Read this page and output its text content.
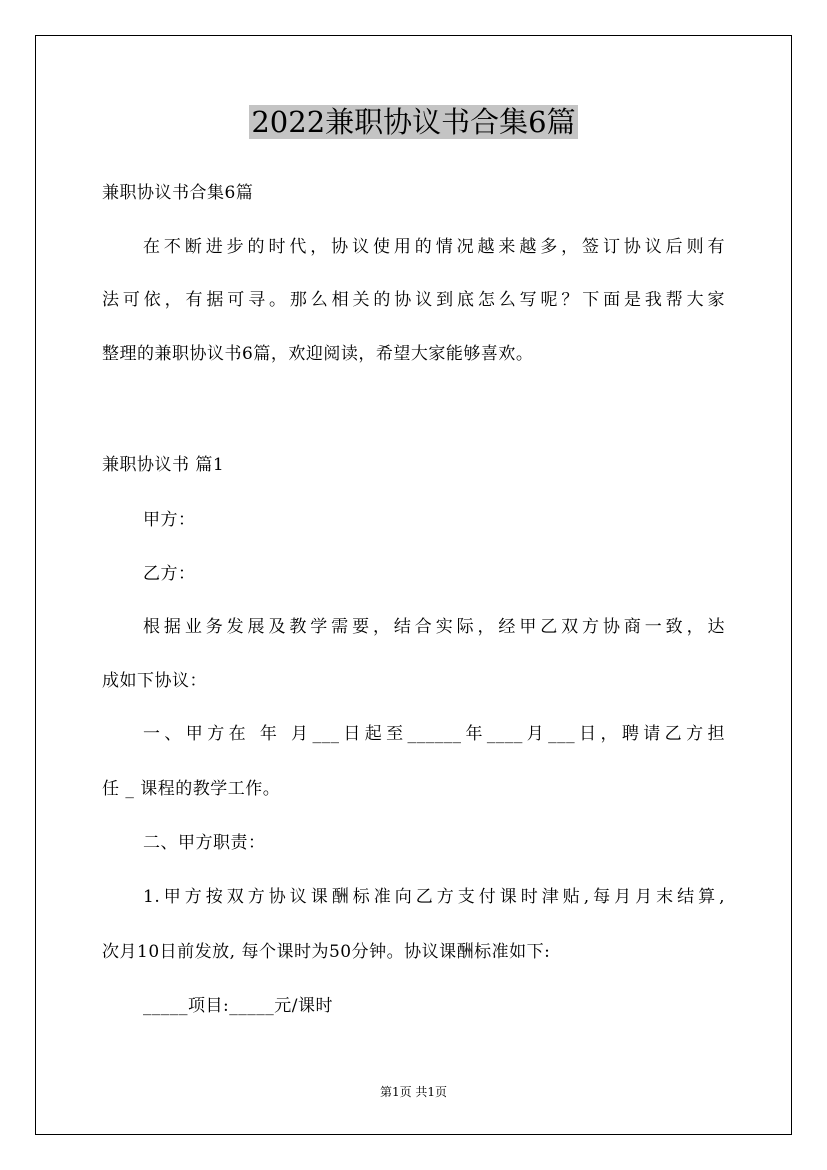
2022兼职协议书合集6篇
兼职协议书合集6篇
在不断进步的时代，协议使用的情况越来越多，签订协议后则有
法可依，有据可寻。那么相关的协议到底怎么写呢？下面是我帮大家
整理的兼职协议书6篇，欢迎阅读，希望大家能够喜欢。
兼职协议书 篇1
甲方：
乙方：
根据业务发展及教学需要，结合实际，经甲乙双方协商一致，达
成如下协议：
一、甲方在 年 月___日起至______年____月___日，聘请乙方担
任 _ 课程的教学工作。
二、甲方职责：
1.甲方按双方协议课酬标准向乙方支付课时津贴,每月月末结算,
次月10日前发放, 每个课时为50分钟。协议课酬标准如下:
_____项目:_____元/课时
第1页 共1页
